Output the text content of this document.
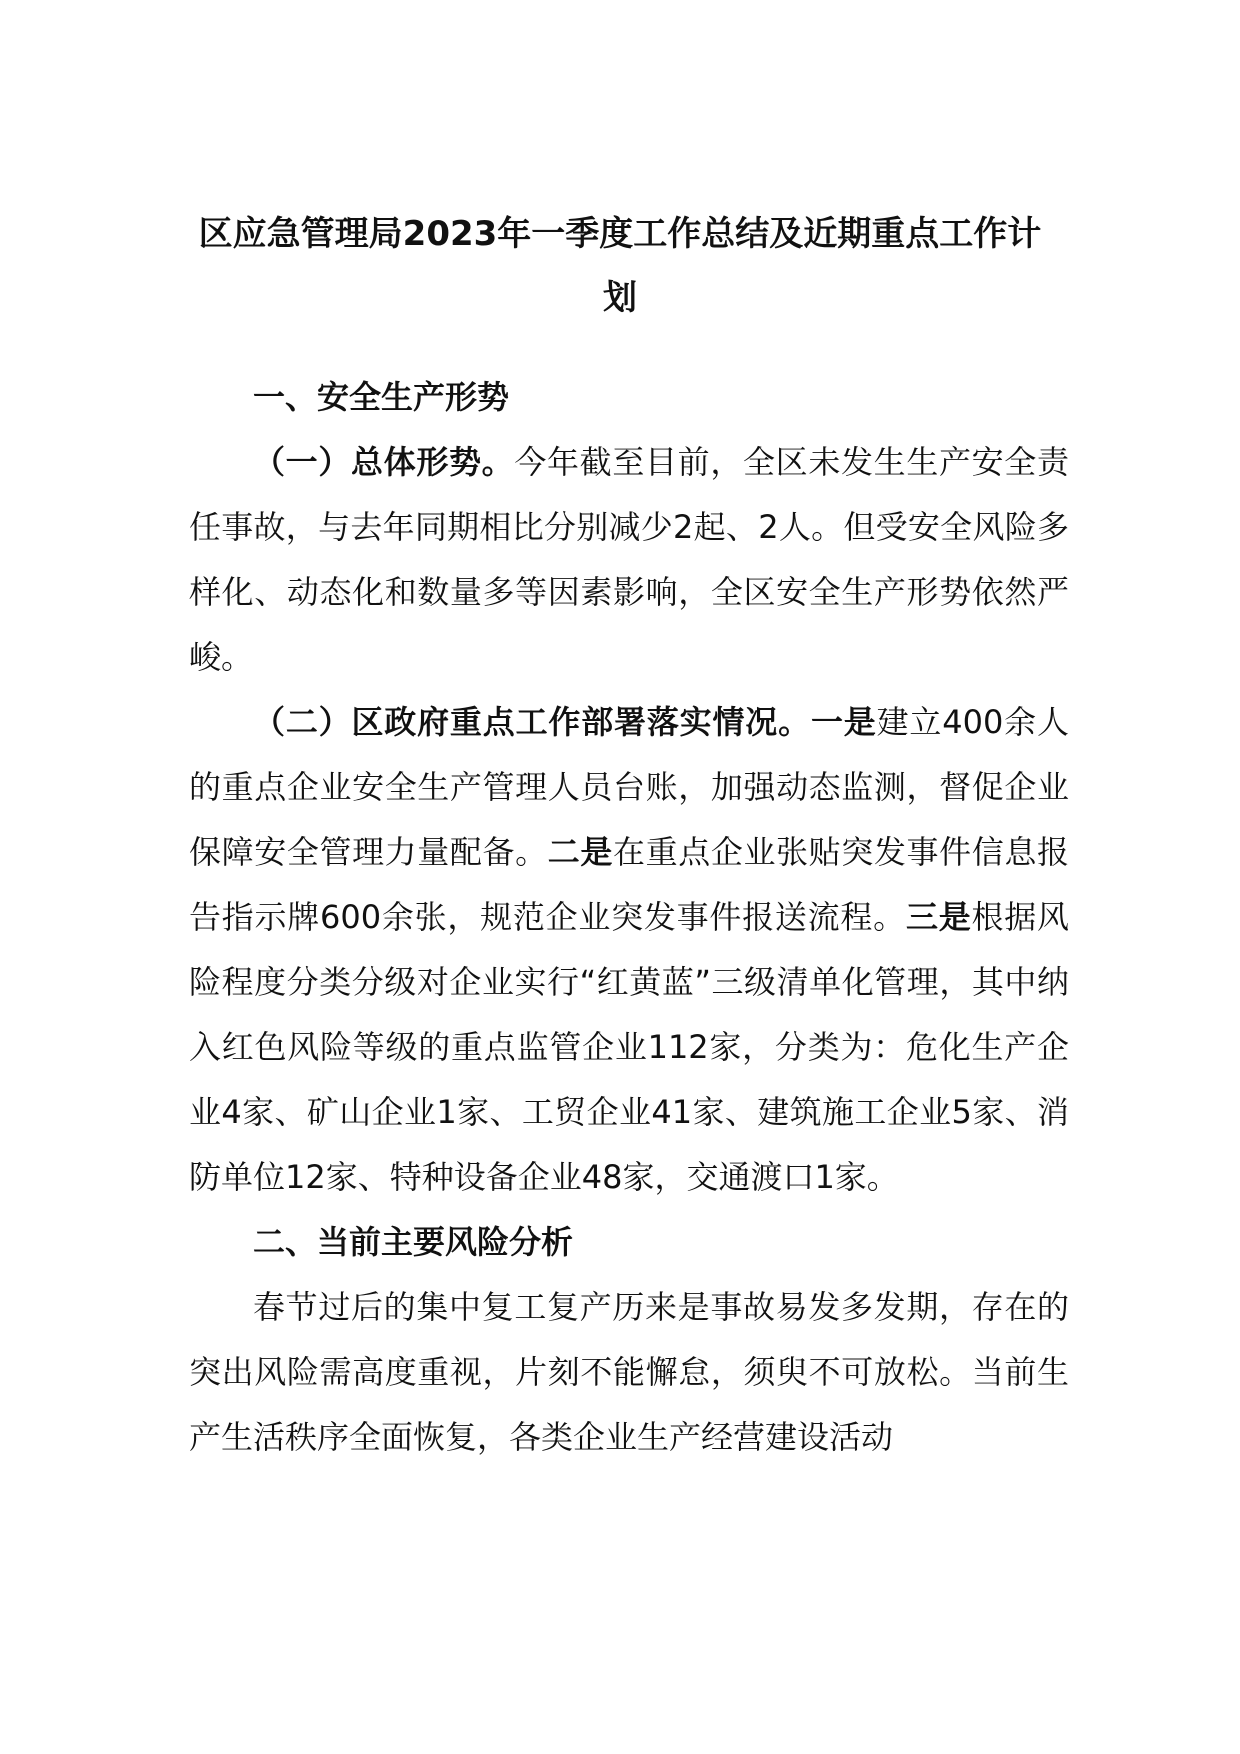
区应急管理局2023年一季度工作总结及近期重点工作计划

一、安全生产形势

（一）总体形势。今年截至目前，全区未发生生产安全责任事故，与去年同期相比分别减少2起、2人。但受安全风险多样化、动态化和数量多等因素影响，全区安全生产形势依然严峻。

（二）区政府重点工作部署落实情况。一是建立400余人的重点企业安全生产管理人员台账，加强动态监测，督促企业保障安全管理力量配备。二是在重点企业张贴突发事件信息报告指示牌600余张，规范企业突发事件报送流程。三是根据风险程度分类分级对企业实行“红黄蓝”三级清单化管理，其中纳入红色风险等级的重点监管企业112家，分类为：危化生产企业4家、矿山企业1家、工贸企业41家、建筑施工企业5家、消防单位12家、特种设备企业48家，交通渡口1家。

二、当前主要风险分析

春节过后的集中复工复产历来是事故易发多发期，存在的突出风险需高度重视，片刻不能懈怠，须臾不可放松。当前生产生活秩序全面恢复，各类企业生产经营建设活动
